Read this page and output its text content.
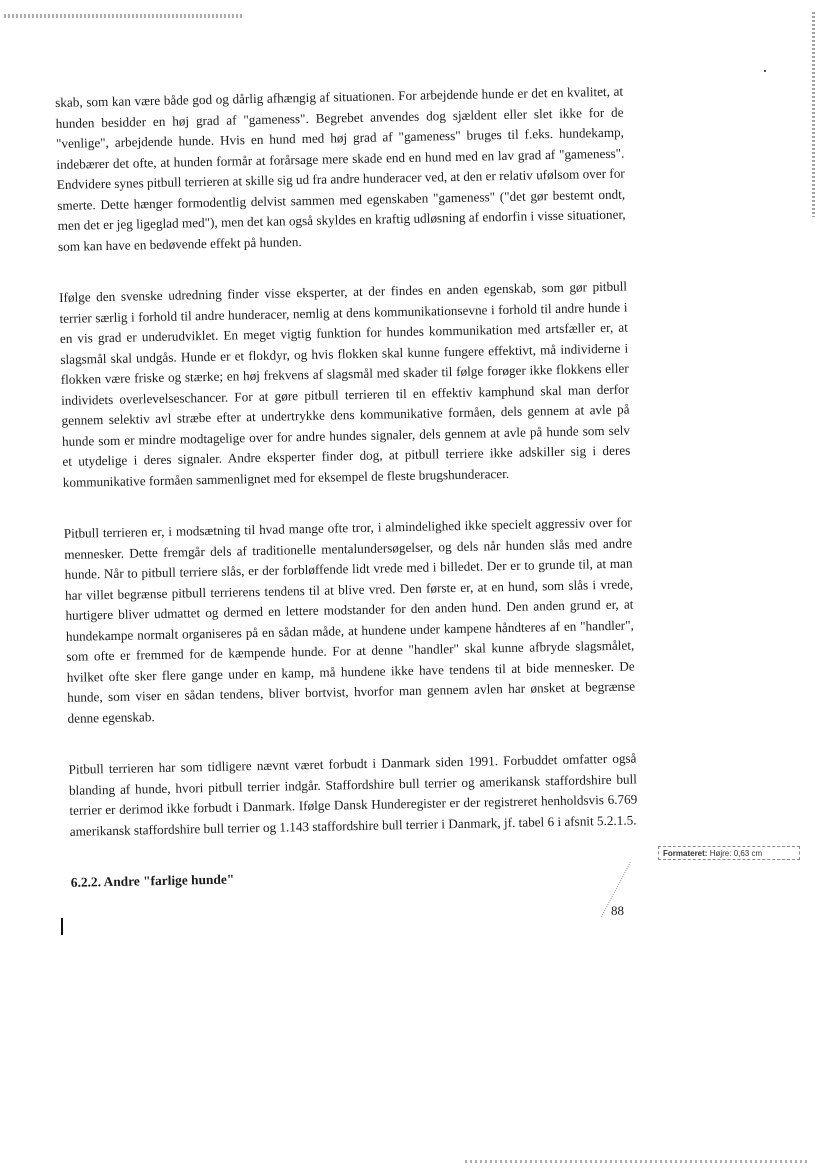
skab, som kan være både god og dårlig afhængig af situationen. For arbejdende hunde er det en kvalitet, at hunden besidder en høj grad af "gameness". Begrebet anvendes dog sjældent eller slet ikke for de "venlige", arbejdende hunde. Hvis en hund med høj grad af "gameness" bruges til f.eks. hundekamp, indebærer det ofte, at hunden formår at forårsage mere skade end en hund med en lav grad af "gameness". Endvidere synes pitbull terrieren at skille sig ud fra andre hunderacer ved, at den er relativ ufølsom over for smerte. Dette hænger formodentlig delvist sammen med egenskaben "gameness" ("det gør bestemt ondt, men det er jeg ligeglad med"), men det kan også skyldes en kraftig udløsning af endorfin i visse situationer, som kan have en bedøvende effekt på hunden.

Ifølge den svenske udredning finder visse eksperter, at der findes en anden egenskab, som gør pitbull terrier særlig i forhold til andre hunderacer, nemlig at dens kommunikationsevne i forhold til andre hunde i en vis grad er underudviklet. En meget vigtig funktion for hundes kommunikation med artsfæller er, at slagsmål skal undgås. Hunde er et flokdyr, og hvis flokken skal kunne fungere effektivt, må individerne i flokken være friske og stærke; en høj frekvens af slagsmål med skader til følge forøger ikke flokkens eller individets overlevelseschancer. For at gøre pitbull terrieren til en effektiv kamphund skal man derfor gennem selektiv avl stræbe efter at undertrykke dens kommunikative formåen, dels gennem at avle på hunde som er mindre modtagelige over for andre hundes signaler, dels gennem at avle på hunde som selv et utydelige i deres signaler. Andre eksperter finder dog, at pitbull terriere ikke adskiller sig i deres kommunikative formåen sammenlignet med for eksempel de fleste brugshunderacer.

Pitbull terrieren er, i modsætning til hvad mange ofte tror, i almindelighed ikke specielt aggressiv over for mennesker. Dette fremgår dels af traditionelle mentalundersøgelser, og dels når hunden slås med andre hunde. Når to pitbull terriere slås, er der forbløffende lidt vrede med i billedet. Der er to grunde til, at man har villet begrænse pitbull terrierens tendens til at blive vred. Den første er, at en hund, som slås i vrede, hurtigere bliver udmattet og dermed en lettere modstander for den anden hund. Den anden grund er, at hundekampe normalt organiseres på en sådan måde, at hundene under kampene håndteres af en "handler", som ofte er fremmed for de kæmpende hunde. For at denne "handler" skal kunne afbryde slagsmålet, hvilket ofte sker flere gange under en kamp, må hundene ikke have tendens til at bide mennesker. De hunde, som viser en sådan tendens, bliver bortvist, hvorfor man gennem avlen har ønsket at begrænse denne egenskab.

Pitbull terrieren har som tidligere nævnt været forbudt i Danmark siden 1991. Forbuddet omfatter også blanding af hunde, hvori pitbull terrier indgår. Staffordshire bull terrier og amerikansk staffordshire bull terrier er derimod ikke forbudt i Danmark. Ifølge Dansk Hunderegister er der registreret henholdsvis 6.769 amerikansk staffordshire bull terrier og 1.143 staffordshire bull terrier i Danmark, jf. tabel 6 i afsnit 5.2.1.5.

6.2.2. Andre "farlige hunde"

Formateret: Højre: 0,63 cm
88
